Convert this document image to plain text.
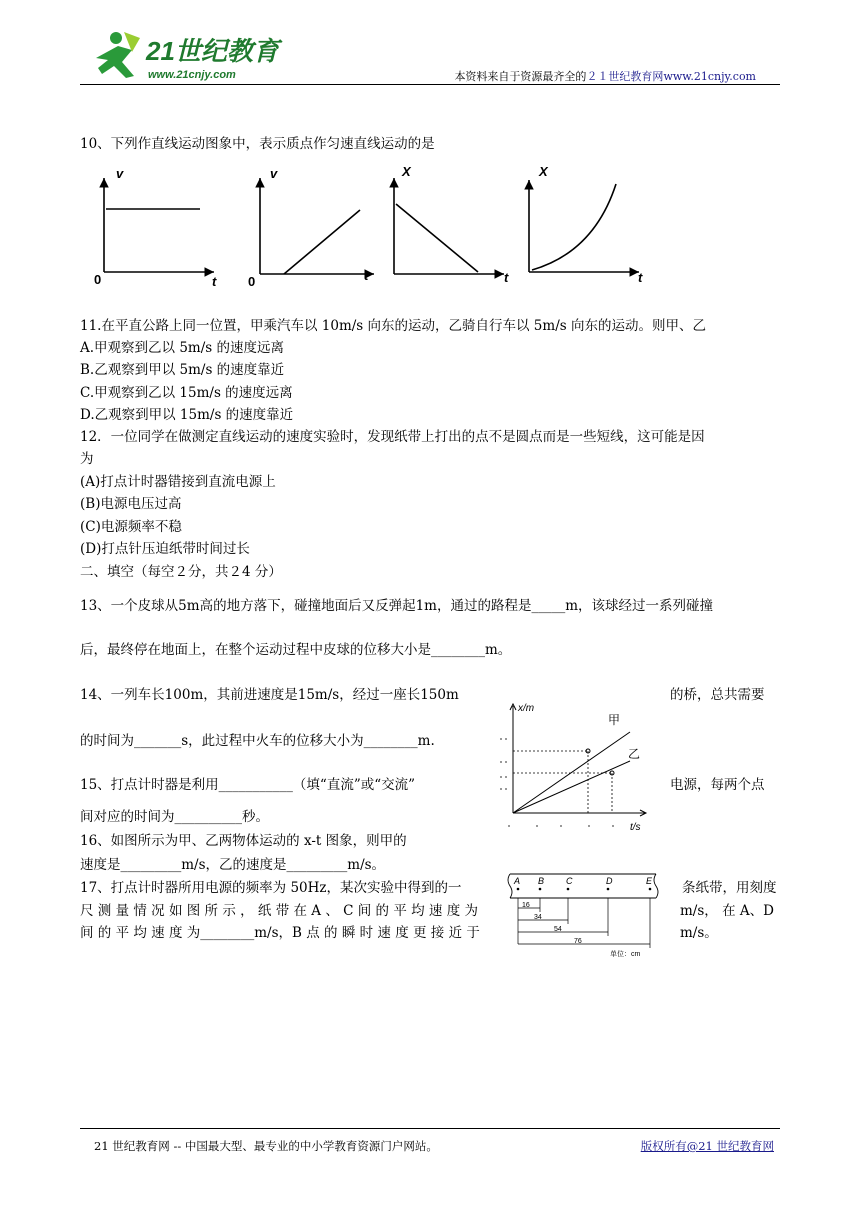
21世纪教育
www.21cnjy.com	本资料来自于资源最齐全的２１世纪教育网www.21cnjy.com
10、下列作直线运动图象中，表示质点作匀速直线运动的是
v
t
0
v
t
0
X
t
X
t
11.在平直公路上同一位置，甲乘汽车以 10m/s 向东的运动，乙骑自行车以 5m/s 向东的运动。则甲、乙
A.甲观察到乙以 5m/s 的速度远离
B.乙观察到甲以 5m/s 的速度靠近
C.甲观察到乙以 15m/s 的速度远离
D.乙观察到甲以 15m/s 的速度靠近
12．一位同学在做测定直线运动的速度实验时，发现纸带上打出的点不是圆点而是一些短线，这可能是因
为
(A)打点计时器错接到直流电源上
(B)电源电压过高
(C)电源频率不稳
(D)打点针压迫纸带时间过长
二、填空（每空２分，共２4 分）
13、一个皮球从5m高的地方落下，碰撞地面后又反弹起1m，通过的路程是_____m，该球经过一系列碰撞
后，最终停在地面上，在整个运动过程中皮球的位移大小是________m。
14、一列车长100m，其前进速度是15m/s，经过一座长150m	的桥，总共需要
的时间为_______s，此过程中火车的位移大小为________m.
15、打点计时器是利用___________（填“直流”或“交流”	电源，每两个点
间对应的时间为__________秒。
16、如图所示为甲、乙两物体运动的 x-t 图象，则甲的
速度是_________m/s，乙的速度是_________m/s。
x/m
t/s
甲
乙
17、打点计时器所用电源的频率为 50Hz，某次实验中得到的一	条纸带，用刻度
尺 测 量 情 况 如 图 所 示 ， 纸 带 在 A 、 C 间 的 平 均 速 度 为	m/s， 在 A、D
间 的 平 均 速 度 为________m/s，B 点 的 瞬 时 速 度 更 接 近 于	m/s。
A B C	D	E
16
34
54
76
单位：cm
21 世纪教育网 -- 中国最大型、最专业的中小学教育资源门户网站。	版权所有@21 世纪教育网
